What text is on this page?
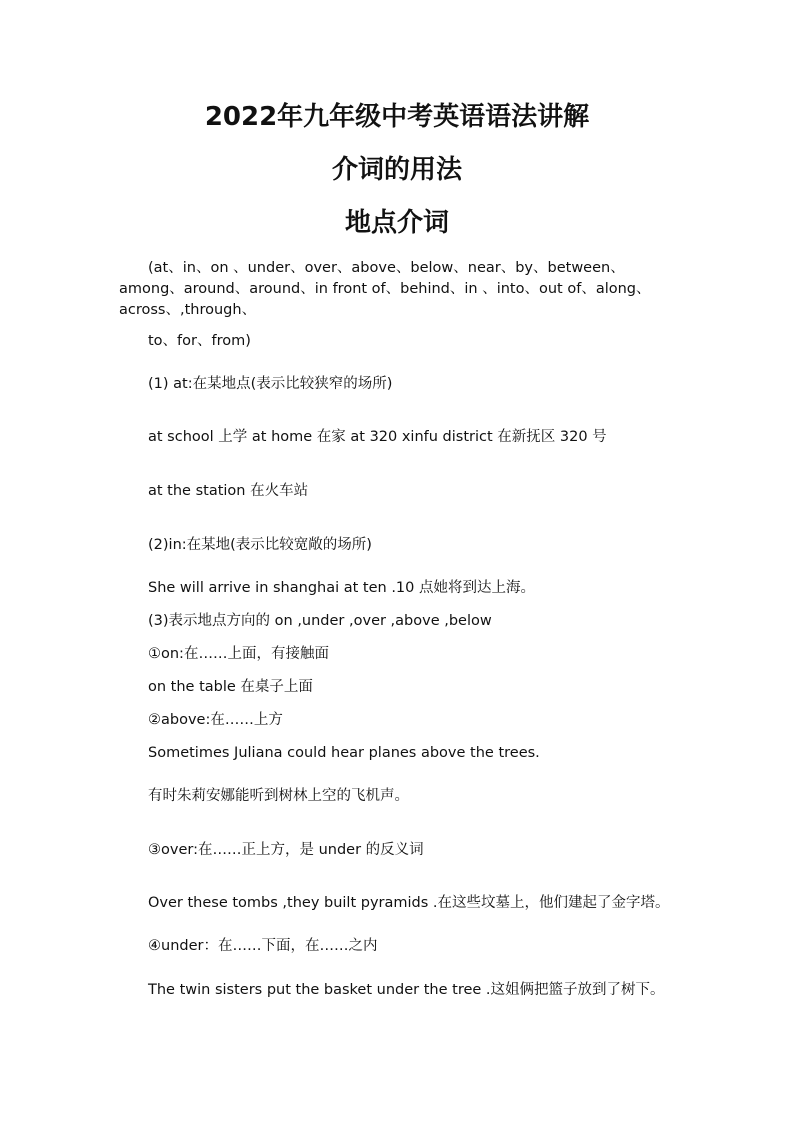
2022年九年级中考英语语法讲解
介词的用法
地点介词
(at、in、on 、under、over、above、below、near、by、between、
among、around、around、in front of、behind、in 、into、out of、along、
across、,through、
to、for、from)
(1) at:在某地点(表示比较狭窄的场所)
at school 上学 at home 在家 at 320 xinfu district 在新抚区 320 号
at the station 在火车站
(2)in:在某地(表示比较宽敞的场所)
She will arrive in shanghai at ten .10 点她将到达上海。
(3)表示地点方向的 on ,under ,over ,above ,below
①on:在……上面，有接触面
on the table 在桌子上面
②above:在……上方
Sometimes Juliana could hear planes above the trees.
有时朱莉安娜能听到树林上空的飞机声。
③over:在……正上方，是 under 的反义词
Over these tombs ,they built pyramids .在这些坟墓上，他们建起了金字塔。
④under：在……下面，在……之内
The twin sisters put the basket under the tree .这姐俩把篮子放到了树下。
